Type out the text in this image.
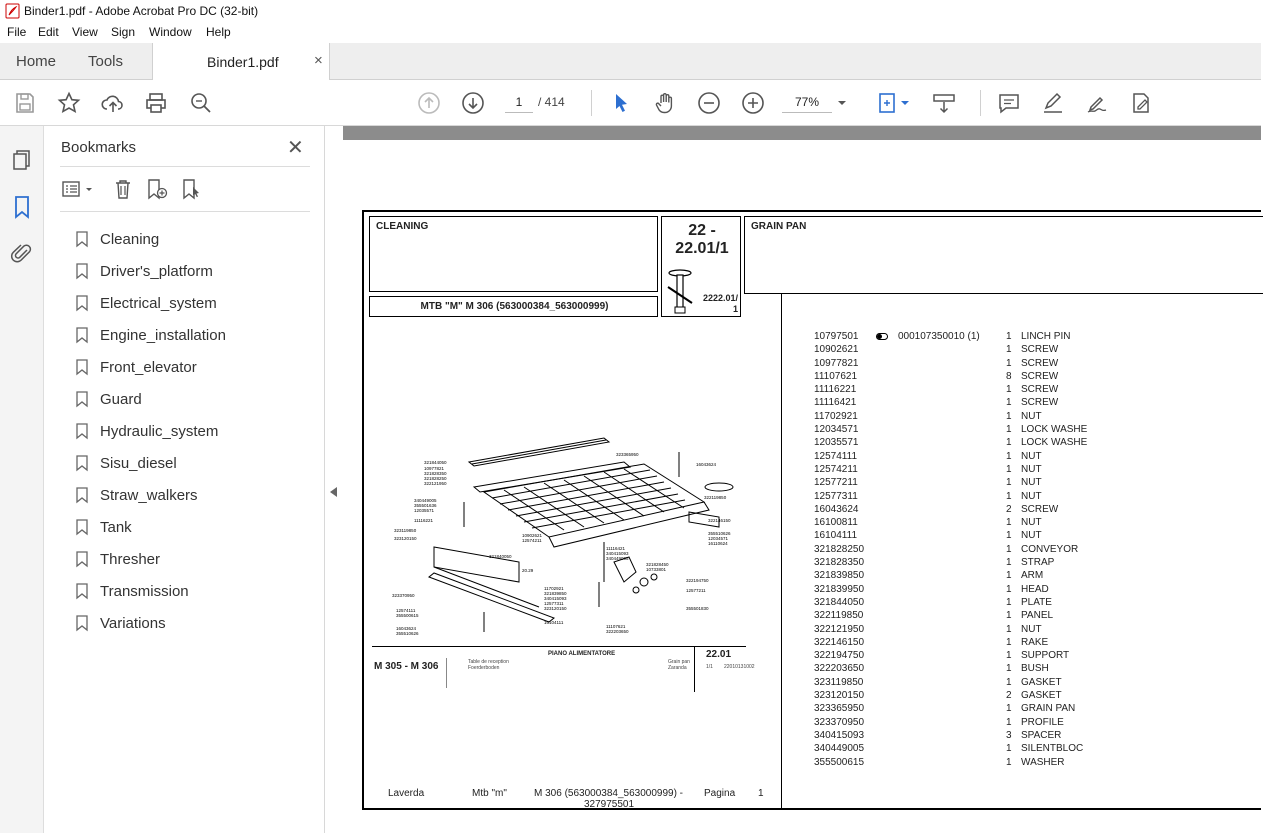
Binder1.pdf - Adobe Acrobat Pro DC (32-bit)
File Edit View Sign Window Help
Home Tools	Binder1.pdf ×
1
/ 414
77%
Bookmarks	✕
Cleaning
Driver's_platform
Electrical_system
Engine_installation
Front_elevator
Guard
Hydraulic_system
Sisu_diesel
Straw_walkers
Tank
Thresher
Transmission
Variations
CLEANING
MTB "M" M 306 (563000384_563000999)
22 -
22.01/1
2222.01/
1
GRAIN PAN
321844050
10977821
321828350
321828250
322121950
340449005
355501636
12035571
11116221
323119850
323120150
323365950
16043624
322119850
322146150
355510626
12034571
16110624
10902621
12574211
321840050
11116421
340415093
340449005
321828450
10733801
322194750
12577211
355501830
323370950
12574111
355500615
16043624
355510626
11702921
321839850
340415093
12577311
323120150
16104111
11107621
322203650
20.29
M 305 - M 306
PIANO ALIMENTATORE
Table de reception
Foerderboden
Grain pan
Zaranda
22.01
1/1 22010131002
10797501	000107350010 (1)	1 LINCH PIN
10902621	1 SCREW
10977821	1 SCREW
11107621	8 SCREW
11116221	1 SCREW
11116421	1 SCREW
11702921	1 NUT
12034571	1 LOCK WASHE
12035571	1 LOCK WASHE
12574111	1 NUT
12574211	1 NUT
12577211	1 NUT
12577311	1 NUT
16043624	2 SCREW
16100811	1 NUT
16104111	1 NUT
321828250	1 CONVEYOR
321828350	1 STRAP
321839850	1 ARM
321839950	1 HEAD
321844050	1 PLATE
322119850	1 PANEL
322121950	1 NUT
322146150	1 RAKE
322194750	1 SUPPORT
322203650	1 BUSH
323119850	1 GASKET
323120150	2 GASKET
323365950	1 GRAIN PAN
323370950	1 PROFILE
340415093	3 SPACER
340449005	1 SILENTBLOC
355500615	1 WASHER
Laverda	Mtb "m"	M 306 (563000384_563000999) -
327975501
Pagina 1
